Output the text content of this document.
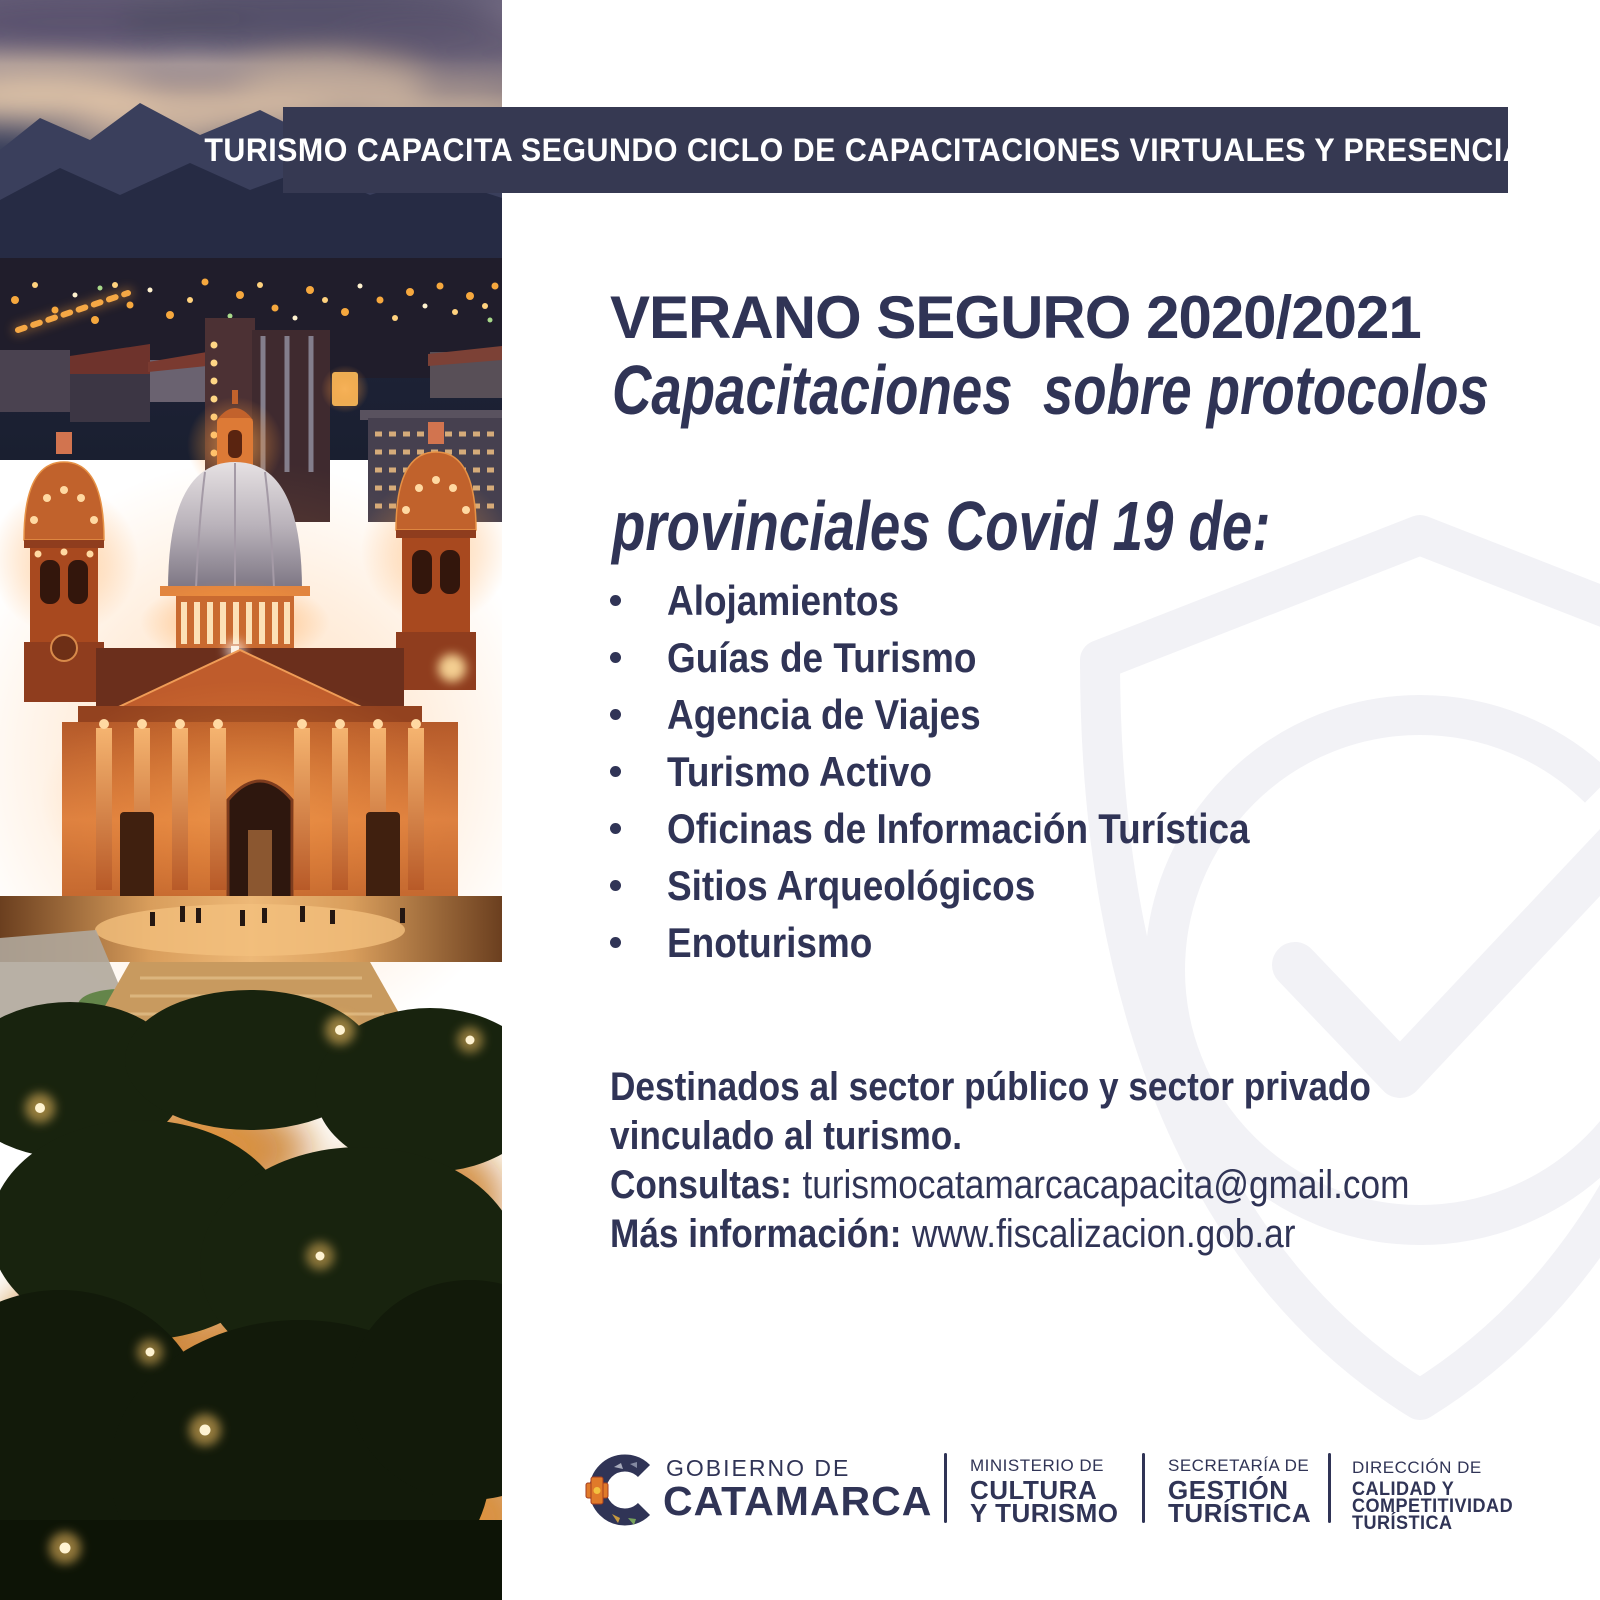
TURISMO CAPACITA SEGUNDO CICLO DE CAPACITACIONES VIRTUALES Y PRESENCIALES
VERANO SEGURO 2020/2021
Capacitaciones  sobre protocolos

provinciales Covid 19 de:
Alojamientos
Guías de Turismo
Agencia de Viajes
Turismo Activo
Oficinas de Información Turística
Sitios Arqueológicos
Enoturismo
Destinados al sector público y sector privado
vinculado al turismo.
Consultas: turismocatamarcacapacita@gmail.com
Más información: www.fiscalizacion.gob.ar
GOBIERNO DE
CATAMARCA
MINISTERIO DE
CULTURA
Y TURISMO
SECRETARÍA DE
GESTIÓN
TURÍSTICA
DIRECCIÓN DE
CALIDAD Y
COMPETITIVIDAD
TURÍSTICA
